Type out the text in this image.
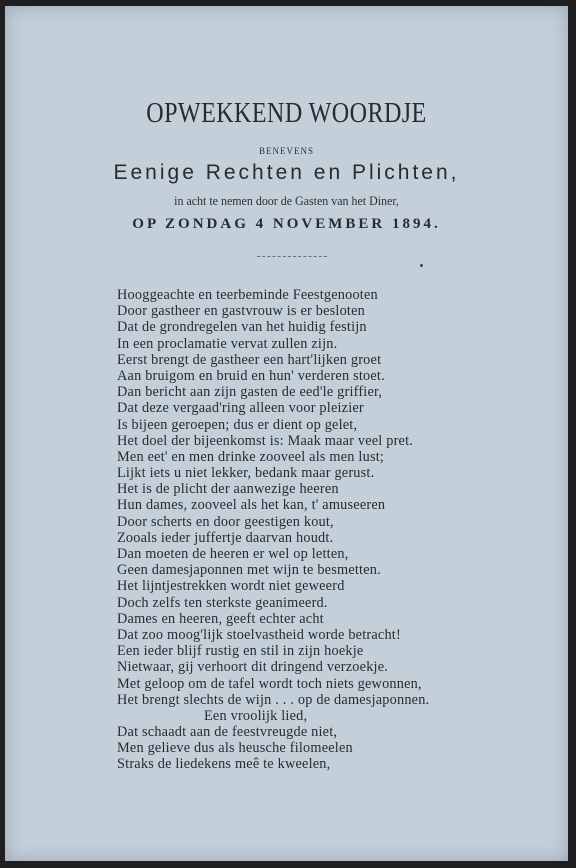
OPWEKKEND WOORDJE
BENEVENS
Eenige Rechten en Plichten,
in acht te nemen door de Gasten van het Diner,
OP ZONDAG 4 NOVEMBER 1894.
Hooggeachte en teerbeminde Feestgenooten
Door gastheer en gastvrouw is er besloten
Dat de grondregelen van het huidig festijn
In een proclamatie vervat zullen zijn.
Eerst brengt de gastheer een hart'lijken groet
Aan bruigom en bruid en hun' verderen stoet.
Dan bericht aan zijn gasten de eed'le griffier,
Dat deze vergaad'ring alleen voor pleizier
Is bijeen geroepen; dus er dient op gelet,
Het doel der bijeenkomst is: Maak maar veel pret.
Men eet' en men drinke zooveel als men lust;
Lijkt iets u niet lekker, bedank maar gerust.
Het is de plicht der aanwezige heeren
Hun dames, zooveel als het kan, t' amuseeren
Door scherts en door geestigen kout,
Zooals ieder juffertje daarvan houdt.
Dan moeten de heeren er wel op letten,
Geen damesjaponnen met wijn te besmetten.
Het lijntjestrekken wordt niet geweerd
Doch zelfs ten sterkste geanimeerd.
Dames en heeren, geeft echter acht
Dat zoo moog'lijk stoelvastheid worde betracht!
Een ieder blijf rustig en stil in zijn hoekje
Nietwaar, gij verhoort dit dringend verzoekje.
Met geloop om de tafel wordt toch niets gewonnen,
Het brengt slechts de wijn . . . op de damesjaponnen.
Een vroolijk lied,
Dat schaadt aan de feestvreugde niet,
Men gelieve dus als heusche filomeelen
Straks de liedekens meê te kweelen,
